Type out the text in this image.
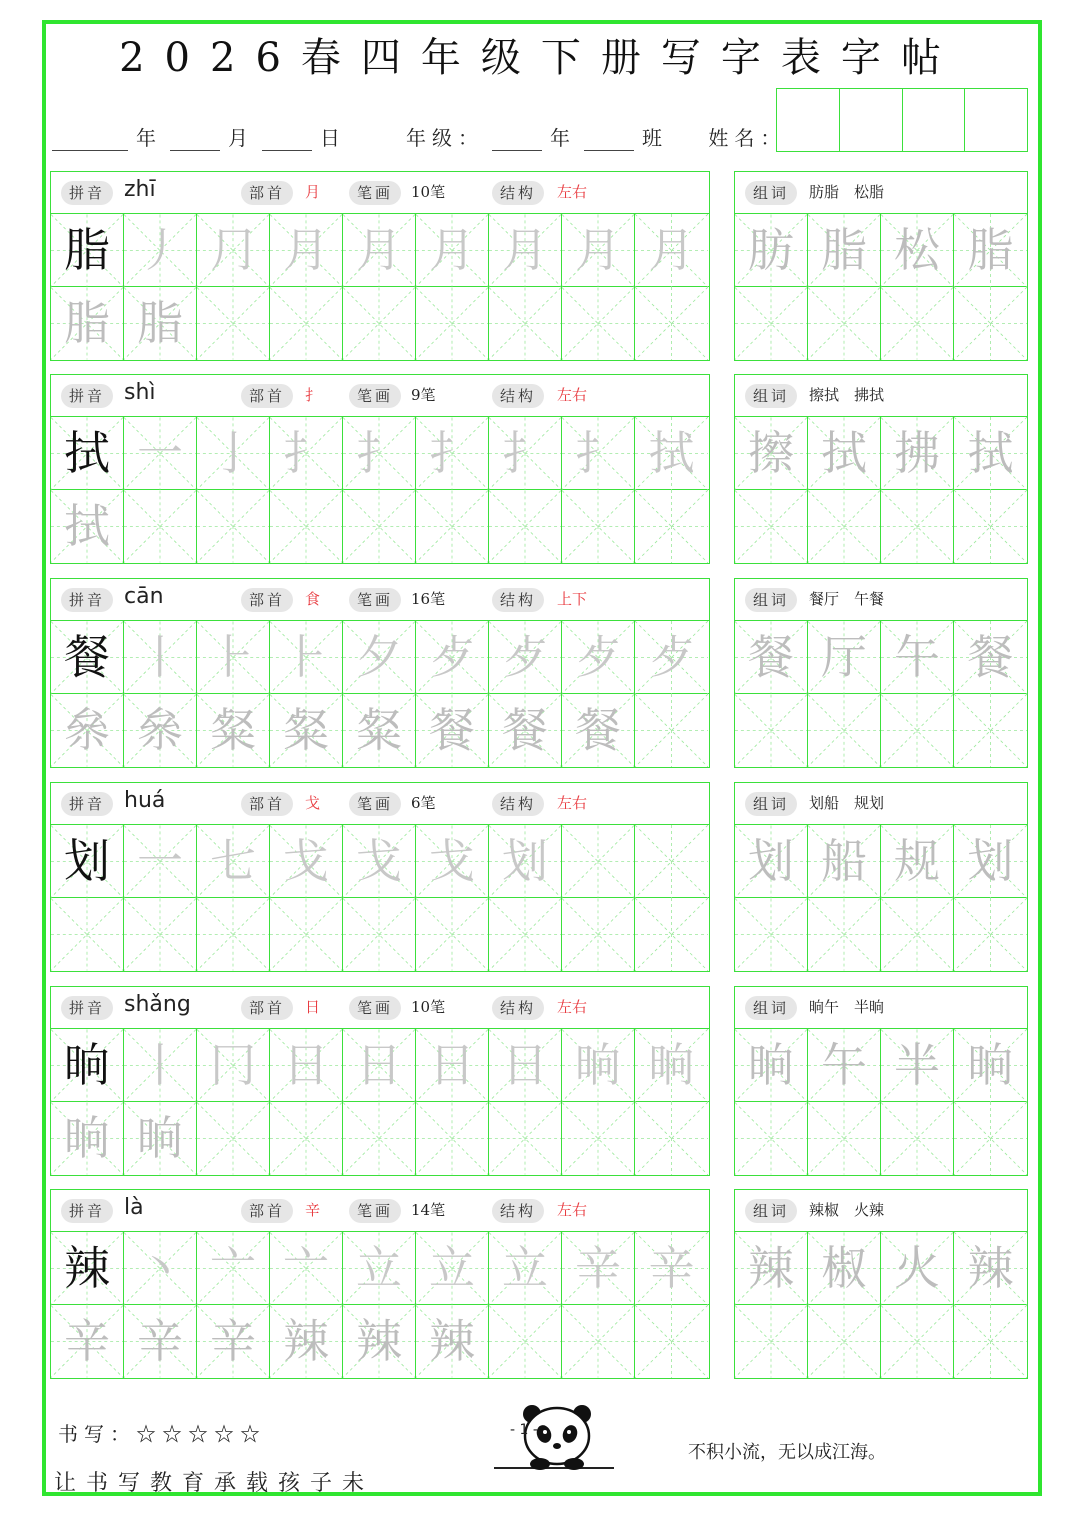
2026春四年级下册写字表字帖
年	月	日	年级：	年	班 姓名：
拼音 zhī	部首	月	笔画	10笔	结构	左右
脂 丿 ⺆ 月 月 月 月 月 月
脂 脂
组词	肪脂　松脂
肪 脂 松 脂
拼音 shì	部首	扌	笔画	9笔	结构	左右
拭 一 亅 扌 扌 扌 扌 扌 拭
拭
组词	擦拭　拂拭
擦 拭 拂 拭
拼音 cān	部首	食	笔画	16笔	结构	上下
餐 丨 ⺊ ⺊ 夕 歺 歺 歺 歺
㕘 㕘 粲 粲 粲 餐 餐 餐
组词	餐厅　午餐
餐 厅 午 餐
拼音 huá	部首	戈	笔画	6笔	结构	左右
划 一 七 戈 戈 戈 划
组词	划船　规划
划 船 规 划
拼音 shǎng	部首	日	笔画	10笔	结构	左右
晌 丨 冂 日 日 日 日 晌 晌
晌 晌
组词	晌午　半晌
晌 午 半 晌
拼音 là	部首	辛	笔画	14笔	结构	左右
辣 丶 亠 亠 立 立 立 辛 辛
辛 辛 辛 辣 辣 辣
组词	辣椒　火辣
辣 椒 火 辣
书写：☆☆☆☆☆
让书写教育承载孩子未
不积小流，无以成江海。
- 1 -
